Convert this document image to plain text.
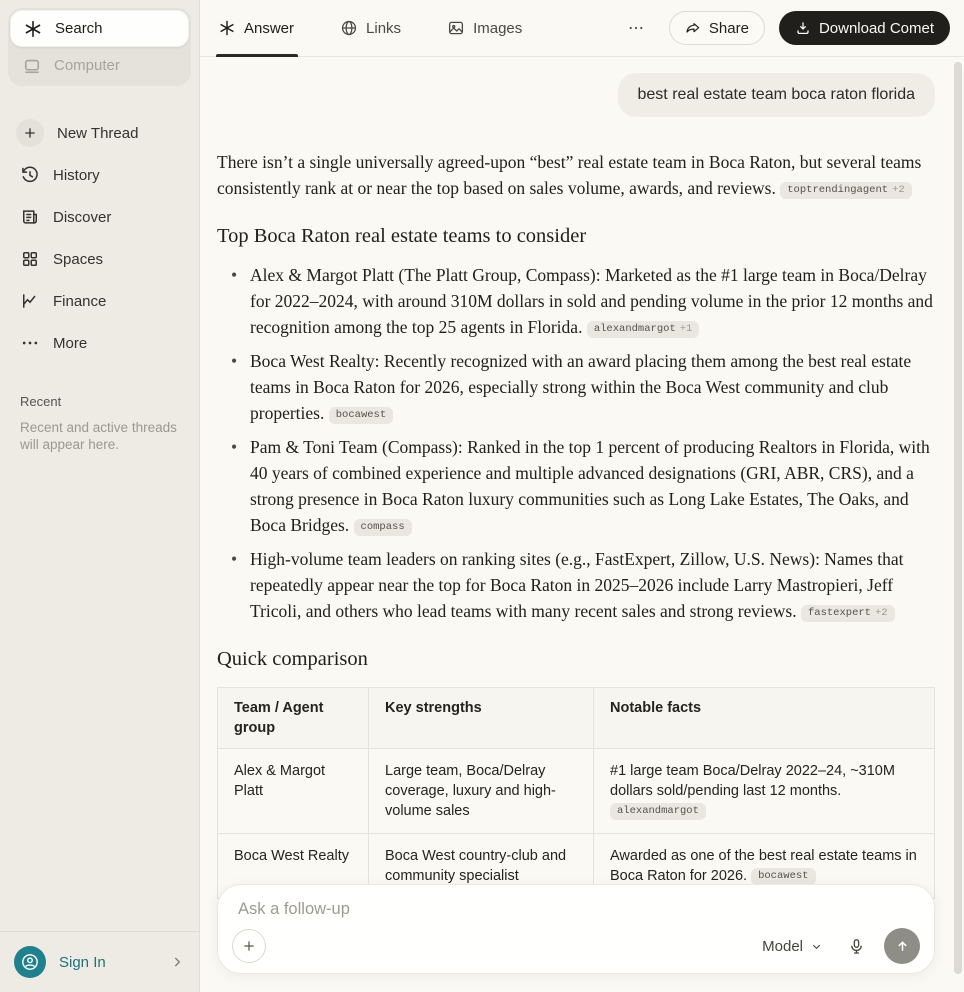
Search
Computer
New Thread
History
Discover
Spaces
Finance
More
Recent
Recent and active threads will appear here.
Sign In
Answer	Links	Images	Share	Download Comet
best real estate team boca raton florida

There isn’t a single universally agreed-upon “best” real estate team in Boca Raton, but several teams consistently rank at or near the top based on sales volume, awards, and reviews. toptrendingagent +2

Top Boca Raton real estate teams to consider
• Alex & Margot Platt (The Platt Group, Compass): Marketed as the #1 large team in Boca/Delray for 2022–2024, with around 310M dollars in sold and pending volume in the prior 12 months and recognition among the top 25 agents in Florida. alexandmargot +1
• Boca West Realty: Recently recognized with an award placing them among the best real estate teams in Boca Raton for 2026, especially strong within the Boca West community and club properties. bocawest
• Pam & Toni Team (Compass): Ranked in the top 1 percent of producing Realtors in Florida, with 40 years of combined experience and multiple advanced designations (GRI, ABR, CRS), and a strong presence in Boca Raton luxury communities such as Long Lake Estates, The Oaks, and Boca Bridges. compass
• High-volume team leaders on ranking sites (e.g., FastExpert, Zillow, U.S. News): Names that repeatedly appear near the top for Boca Raton in 2025–2026 include Larry Mastropieri, Jeff Tricoli, and others who lead teams with many recent sales and strong reviews. fastexpert +2
Quick comparison
Team / Agent group	Key strengths	Notable facts
Alex & Margot Platt	Large team, Boca/Delray coverage, luxury and high-volume sales	#1 large team Boca/Delray 2022–24, ~310M dollars sold/pending last 12 months.
alexandmargot

Boca West Realty	Boca West country-club and community specialist	Awarded as one of the best real estate teams in Boca Raton for 2026. bocawest
Ask a follow-up
Model
